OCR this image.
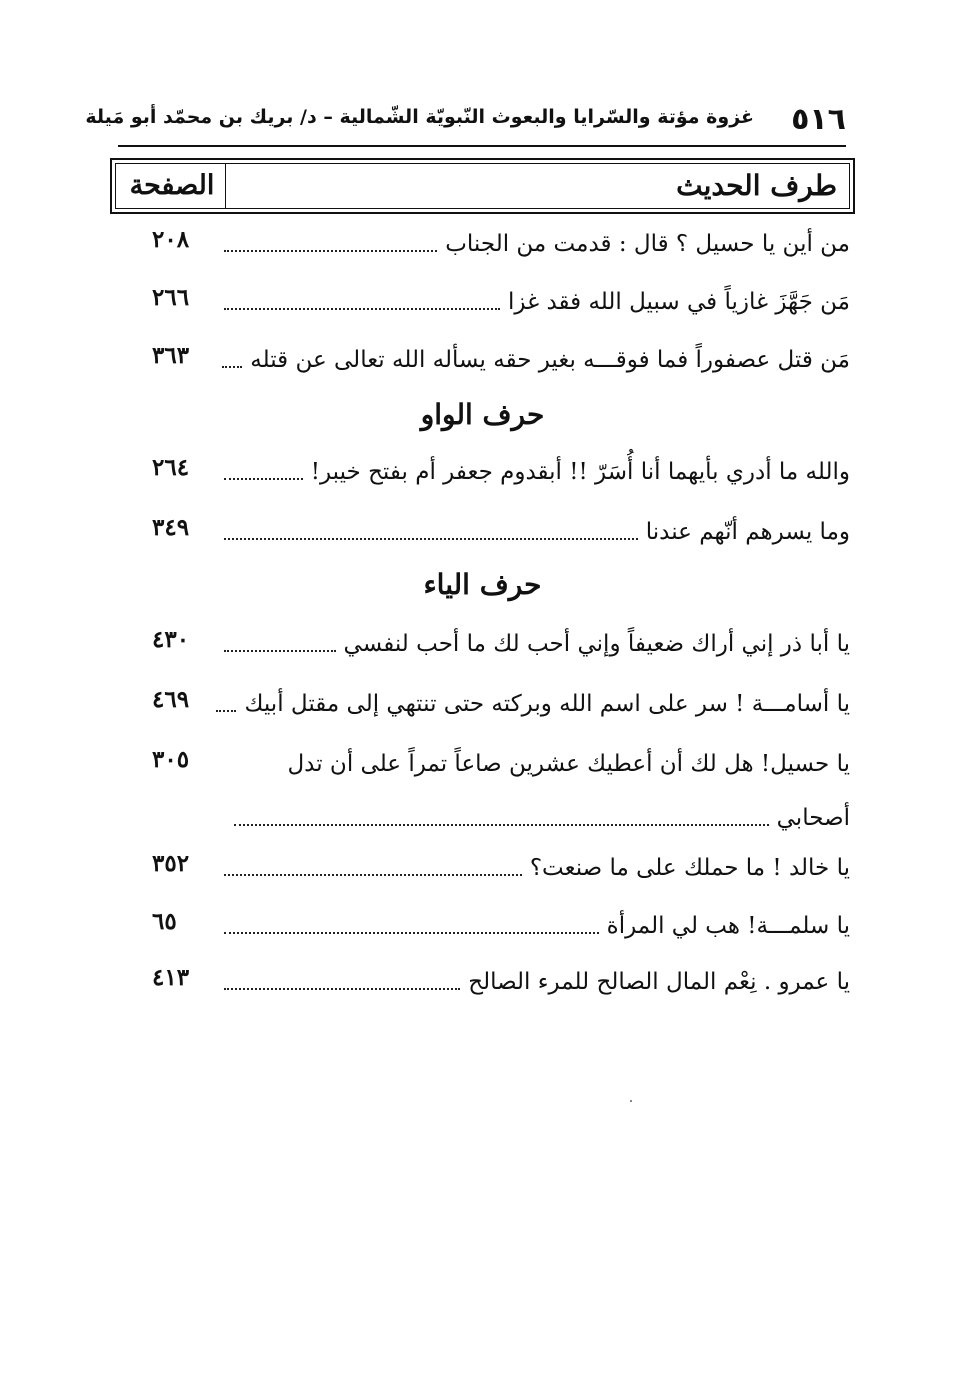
٥١٦
غزوة مؤتة والسّرايا والبعوث النّبويّة الشّمالية – د/ بريك بن محمّد أبو مَيلة
طرف الحديث
الصفحة
من أين يا حسيل ؟ قال : قدمت من الجناب
٢٠٨
مَن جَهَّزَ غازياً في سبيل الله فقد غزا
٢٦٦
مَن قتل عصفوراً فما فوقـــه بغير حقه يسأله الله تعالى عن قتله
٣٦٣
حرف الواو
والله ما أدري بأيهما أنا أُسَرّ !! أبقدوم جعفر أم بفتح خيبر!
٢٦٤
وما يسرهم أنّهم عندنا
٣٤٩
حرف الياء
يا أبا ذر إني أراك ضعيفاً وإني أحب لك ما أحب لنفسي
٤٣٠
يا أسامـــة ! سر على اسم الله وبركته حتى تنتهي إلى مقتل أبيك
٤٦٩
يا حسيل! هل لك أن أعطيك عشرين صاعاً تمراً على أن تدل
٣٠٥
أصحابي
يا خالد ! ما حملك على ما صنعت؟
٣٥٢
يا سلمـــة! هب لي المرأة
٦٥
يا عمرو . نِعْم المال الصالح للمرء الصالح
٤١٣
